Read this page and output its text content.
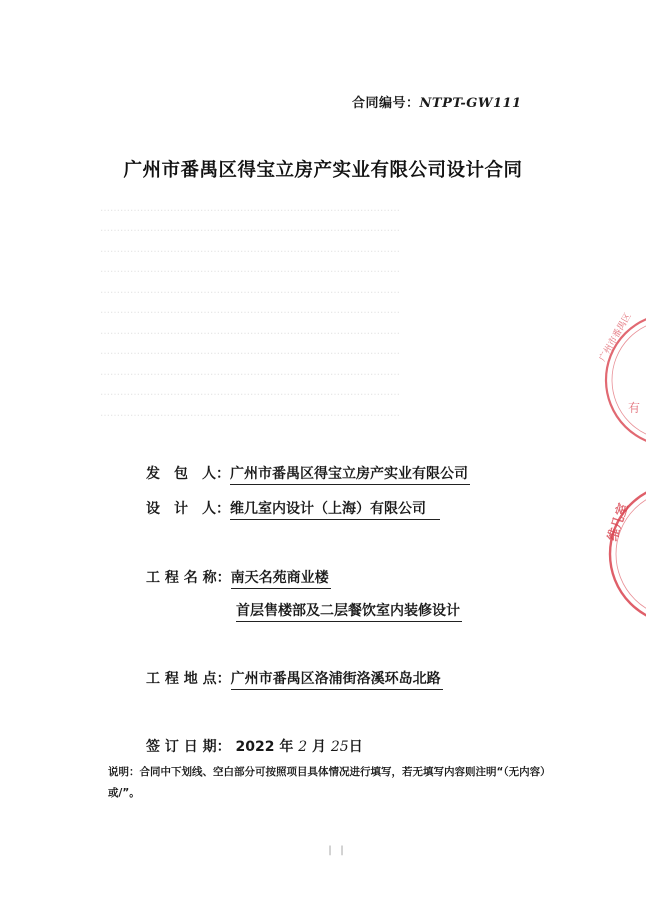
合同编号：NTPT-GW111
广州市番禺区得宝立房产实业有限公司设计合同

………………………………………………………………………………
………………………………………………………………………………
………………………………………………………………………………
………………………………………………………………………………
………………………………………………………………………………
………………………………………………………………………………
………………………………………………………………………………
………………………………………………………………………………
………………………………………………………………………………
………………………………………………………………………………
………………………………………………………………………………
发　包　人：广州市番禺区得宝立房产实业有限公司
设　计　人：维几室内设计（上海）有限公司
工 程 名 称：南天名苑商业楼
首层售楼部及二层餐饮室内装修设计
工 程 地 点：广州市番禺区洛浦街洛溪环岛北路
签 订 日 期： 2022 年 2 月 25日
说明：合同中下划线、空白部分可按照项目具体情况进行填写，若无填写内容则注明“（无内容）或/”。
| |
广州市番禺区
有
维几室
